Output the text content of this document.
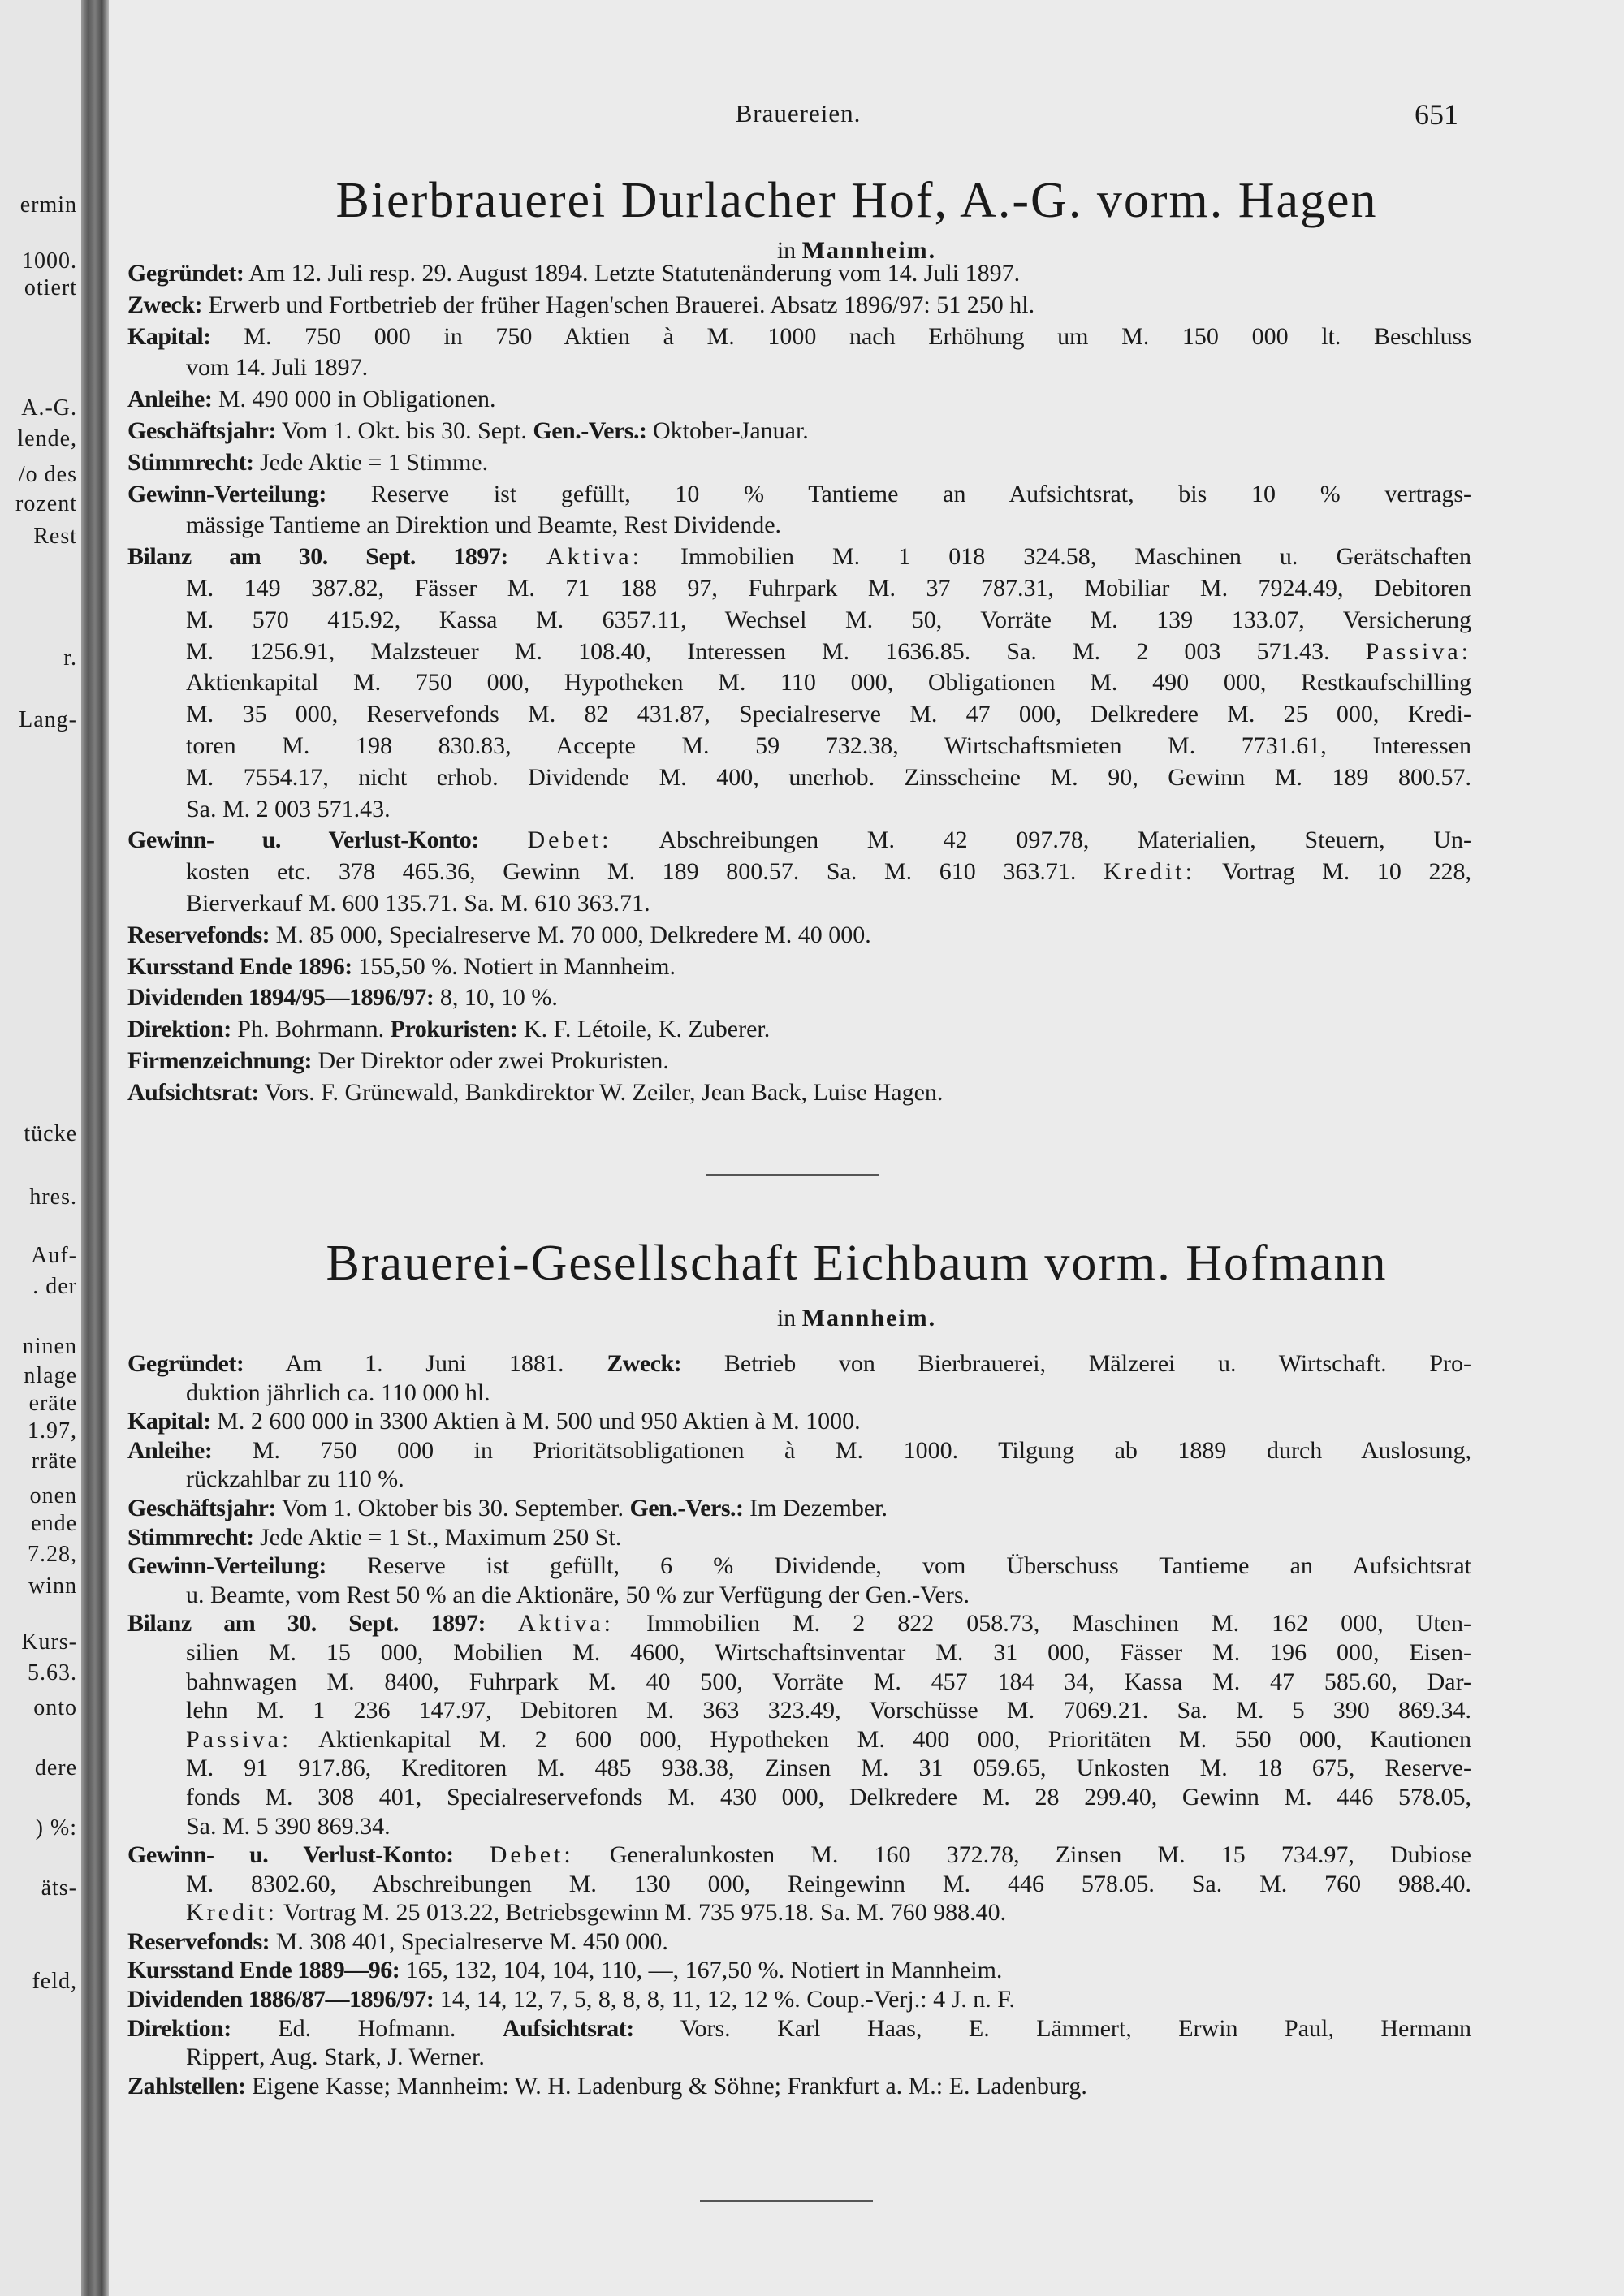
ermin
1000.
otiert
A.-G.
lende,
/o des
rozent
Rest
r.
Lang-
tücke
hres.
Auf-
. der
ninen
nlage
eräte
1.97,
rräte
onen
ende
7.28,
winn
Kurs-
5.63.
onto
dere
) %:
äts-
feld,
Brauereien.	651
Bierbrauerei Durlacher Hof, A.-G. vorm. Hagen
in Mannheim.
Gegründet: Am 12. Juli resp. 29. August 1894. Letzte Statutenänderung vom 14. Juli 1897.
Zweck: Erwerb und Fortbetrieb der früher Hagen'schen Brauerei. Absatz 1896/97: 51 250 hl.
Kapital: M. 750 000 in 750 Aktien à M. 1000 nach Erhöhung um M. 150 000 lt. Beschluss
vom 14. Juli 1897.
Anleihe: M. 490 000 in Obligationen.
Geschäftsjahr: Vom 1. Okt. bis 30. Sept. Gen.-Vers.: Oktober-Januar.
Stimmrecht: Jede Aktie = 1 Stimme.
Gewinn-Verteilung: Reserve ist gefüllt, 10 % Tantieme an Aufsichtsrat, bis 10 % vertrags-
mässige Tantieme an Direktion und Beamte, Rest Dividende.
Bilanz am 30. Sept. 1897: Aktiva: Immobilien M. 1 018 324.58, Maschinen u. Gerätschaften
M. 149 387.82, Fässer M. 71 188 97, Fuhrpark M. 37 787.31, Mobiliar M. 7924.49, Debitoren
M. 570 415.92, Kassa M. 6357.11, Wechsel M. 50, Vorräte M. 139 133.07, Versicherung
M. 1256.91, Malzsteuer M. 108.40, Interessen M. 1636.85. Sa. M. 2 003 571.43. Passiva:
Aktienkapital M. 750 000, Hypotheken M. 110 000, Obligationen M. 490 000, Restkaufschilling
M. 35 000, Reservefonds M. 82 431.87, Specialreserve M. 47 000, Delkredere M. 25 000, Kredi-
toren M. 198 830.83, Accepte M. 59 732.38, Wirtschaftsmieten M. 7731.61, Interessen
M. 7554.17, nicht erhob. Dividende M. 400, unerhob. Zinsscheine M. 90, Gewinn M. 189 800.57.
Sa. M. 2 003 571.43.
Gewinn- u. Verlust-Konto: Debet: Abschreibungen M. 42 097.78, Materialien, Steuern, Un-
kosten etc. 378 465.36, Gewinn M. 189 800.57. Sa. M. 610 363.71. Kredit: Vortrag M. 10 228,
Bierverkauf M. 600 135.71. Sa. M. 610 363.71.
Reservefonds: M. 85 000, Specialreserve M. 70 000, Delkredere M. 40 000.
Kursstand Ende 1896: 155,50 %. Notiert in Mannheim.
Dividenden 1894/95—1896/97: 8, 10, 10 %.
Direktion: Ph. Bohrmann. Prokuristen: K. F. Létoile, K. Zuberer.
Firmenzeichnung: Der Direktor oder zwei Prokuristen.
Aufsichtsrat: Vors. F. Grünewald, Bankdirektor W. Zeiler, Jean Back, Luise Hagen.
Brauerei-Gesellschaft Eichbaum vorm. Hofmann
in Mannheim.
Gegründet: Am 1. Juni 1881. Zweck: Betrieb von Bierbrauerei, Mälzerei u. Wirtschaft. Pro-
duktion jährlich ca. 110 000 hl.
Kapital: M. 2 600 000 in 3300 Aktien à M. 500 und 950 Aktien à M. 1000.
Anleihe: M. 750 000 in Prioritätsobligationen à M. 1000. Tilgung ab 1889 durch Auslosung,
rückzahlbar zu 110 %.
Geschäftsjahr: Vom 1. Oktober bis 30. September. Gen.-Vers.: Im Dezember.
Stimmrecht: Jede Aktie = 1 St., Maximum 250 St.
Gewinn-Verteilung: Reserve ist gefüllt, 6 % Dividende, vom Überschuss Tantieme an Aufsichtsrat
u. Beamte, vom Rest 50 % an die Aktionäre, 50 % zur Verfügung der Gen.-Vers.
Bilanz am 30. Sept. 1897: Aktiva: Immobilien M. 2 822 058.73, Maschinen M. 162 000, Uten-
silien M. 15 000, Mobilien M. 4600, Wirtschaftsinventar M. 31 000, Fässer M. 196 000, Eisen-
bahnwagen M. 8400, Fuhrpark M. 40 500, Vorräte M. 457 184 34, Kassa M. 47 585.60, Dar-
lehn M. 1 236 147.97, Debitoren M. 363 323.49, Vorschüsse M. 7069.21. Sa. M. 5 390 869.34.
Passiva: Aktienkapital M. 2 600 000, Hypotheken M. 400 000, Prioritäten M. 550 000, Kautionen
M. 91 917.86, Kreditoren M. 485 938.38, Zinsen M. 31 059.65, Unkosten M. 18 675, Reserve-
fonds M. 308 401, Specialreservefonds M. 430 000, Delkredere M. 28 299.40, Gewinn M. 446 578.05,
Sa. M. 5 390 869.34.
Gewinn- u. Verlust-Konto: Debet: Generalunkosten M. 160 372.78, Zinsen M. 15 734.97, Dubiose
M. 8302.60, Abschreibungen M. 130 000, Reingewinn M. 446 578.05. Sa. M. 760 988.40.
Kredit: Vortrag M. 25 013.22, Betriebsgewinn M. 735 975.18. Sa. M. 760 988.40.
Reservefonds: M. 308 401, Specialreserve M. 450 000.
Kursstand Ende 1889—96: 165, 132, 104, 104, 110, —, 167,50 %. Notiert in Mannheim.
Dividenden 1886/87—1896/97: 14, 14, 12, 7, 5, 8, 8, 8, 11, 12, 12 %. Coup.-Verj.: 4 J. n. F.
Direktion: Ed. Hofmann. Aufsichtsrat: Vors. Karl Haas, E. Lämmert, Erwin Paul, Hermann
Rippert, Aug. Stark, J. Werner.
Zahlstellen: Eigene Kasse; Mannheim: W. H. Ladenburg & Söhne; Frankfurt a. M.: E. Ladenburg.
